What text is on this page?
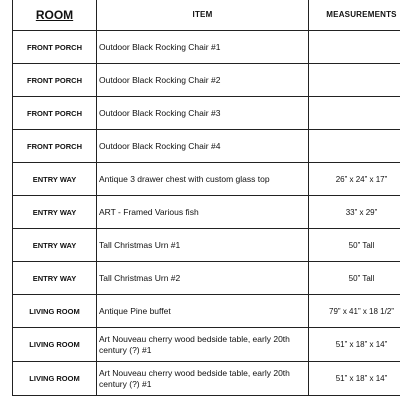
ROOM	ITEM	MEASUREMENTS
FRONT PORCH	Outdoor Black Rocking Chair #1	
FRONT PORCH	Outdoor Black Rocking Chair #2	
FRONT PORCH	Outdoor Black Rocking Chair #3	
FRONT PORCH	Outdoor Black Rocking Chair #4	
ENTRY WAY	Antique 3 drawer chest with custom glass top	26” x 24” x 17”
ENTRY WAY	ART - Framed Various fish	33” x 29”
ENTRY WAY	Tall Christmas Urn #1	50” Tall
ENTRY WAY	Tall Christmas Urn #2	50” Tall
LIVING ROOM	Antique Pine buffet	79” x 41” x 18 1/2”
LIVING ROOM	Art Nouveau cherry wood bedside table, early 20th century (?) #1	51” x 18” x 14”
LIVING ROOM	Art Nouveau cherry wood bedside table, early 20th century (?) #1	51” x 18” x 14”
